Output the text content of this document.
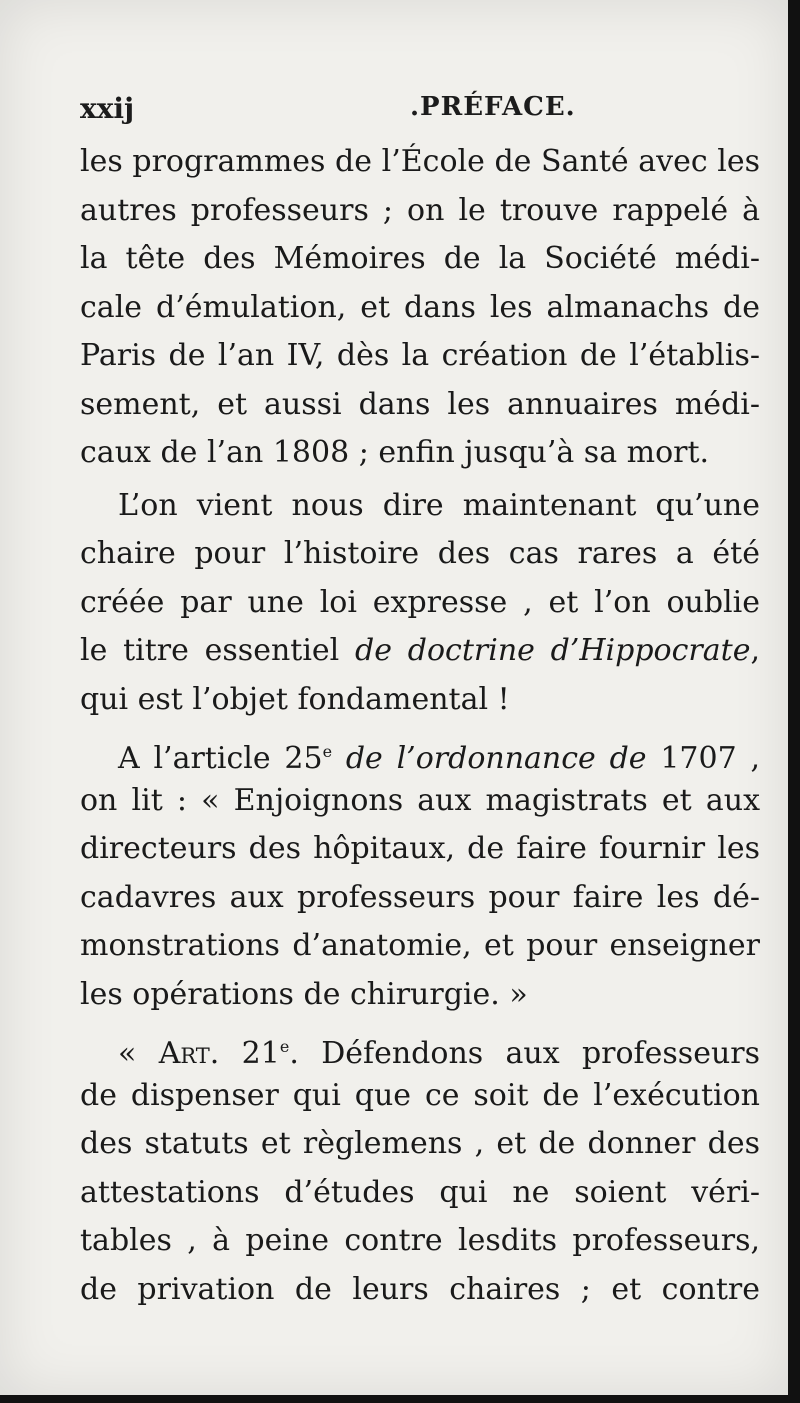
xxij	.PRÉFACE.
les programmes de l’École de Santé avec les
autres professeurs ; on le trouve rappelé à
la tête des Mémoires de la Société médi-
cale d’émulation, et dans les almanachs de
Paris de l’an IV, dès la création de l’établis-
sement, et aussi dans les annuaires médi-
caux de l’an 1808 ; enfin jusqu’à sa mort.
L’on vient nous dire maintenant qu’une
chaire pour l’histoire des cas rares a été
créée par une loi expresse , et l’on oublie
le titre essentiel de doctrine d’Hippocrate,
qui est l’objet fondamental !
A l’article 25e de l’ordonnance de 1707 ,
on lit : « Enjoignons aux magistrats et aux
directeurs des hôpitaux, de faire fournir les
cadavres aux professeurs pour faire les dé-
monstrations d’anatomie, et pour enseigner
les opérations de chirurgie. »
« Art. 21e. Défendons aux professeurs
de dispenser qui que ce soit de l’exécution
des statuts et règlemens , et de donner des
attestations d’études qui ne soient véri-
tables , à peine contre lesdits professeurs,
de privation de leurs chaires ; et contre
